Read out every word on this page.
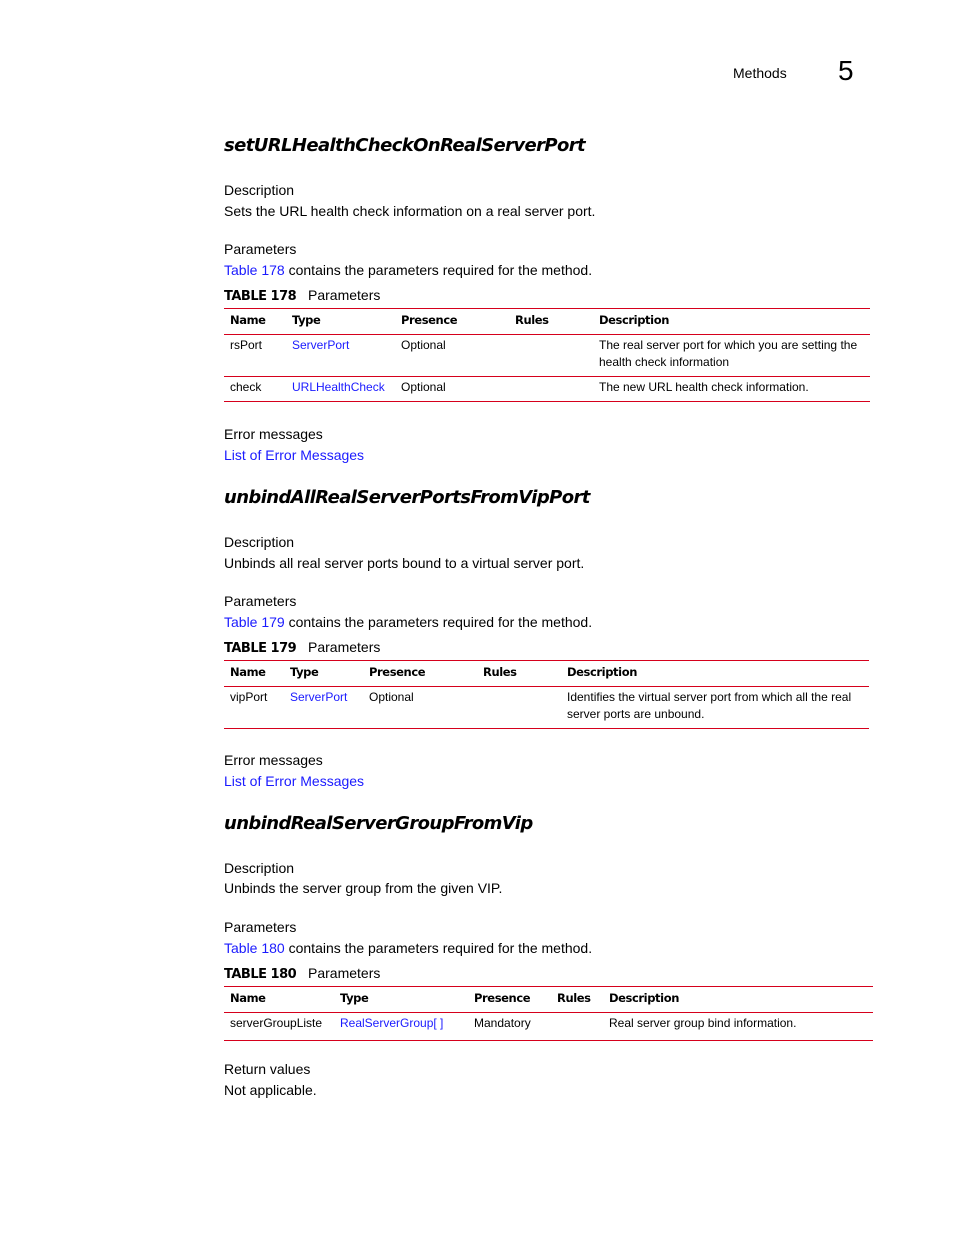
Methods 5
setURLHealthCheckOnRealServerPort
Description
Sets the URL health check information on a real server port.
Parameters
Table 178 contains the parameters required for the method.
TABLE 178 Parameters
Name	Type	Presence	Rules	Description
rsPort	ServerPort	Optional		The real server port for which you are setting the health check information
check	URLHealthCheck	Optional		The new URL health check information.
Error messages
List of Error Messages
unbindAllRealServerPortsFromVipPort
Description
Unbinds all real server ports bound to a virtual server port.
Parameters
Table 179 contains the parameters required for the method.
TABLE 179 Parameters
Name	Type	Presence	Rules	Description
vipPort	ServerPort	Optional		Identifies the virtual server port from which all the real server ports are unbound.
Error messages
List of Error Messages
unbindRealServerGroupFromVip
Description
Unbinds the server group from the given VIP.
Parameters
Table 180 contains the parameters required for the method.
TABLE 180 Parameters
Name	Type	Presence	Rules	Description
serverGroupListe	RealServerGroup[ ]	Mandatory		Real server group bind information.
Return values
Not applicable.
